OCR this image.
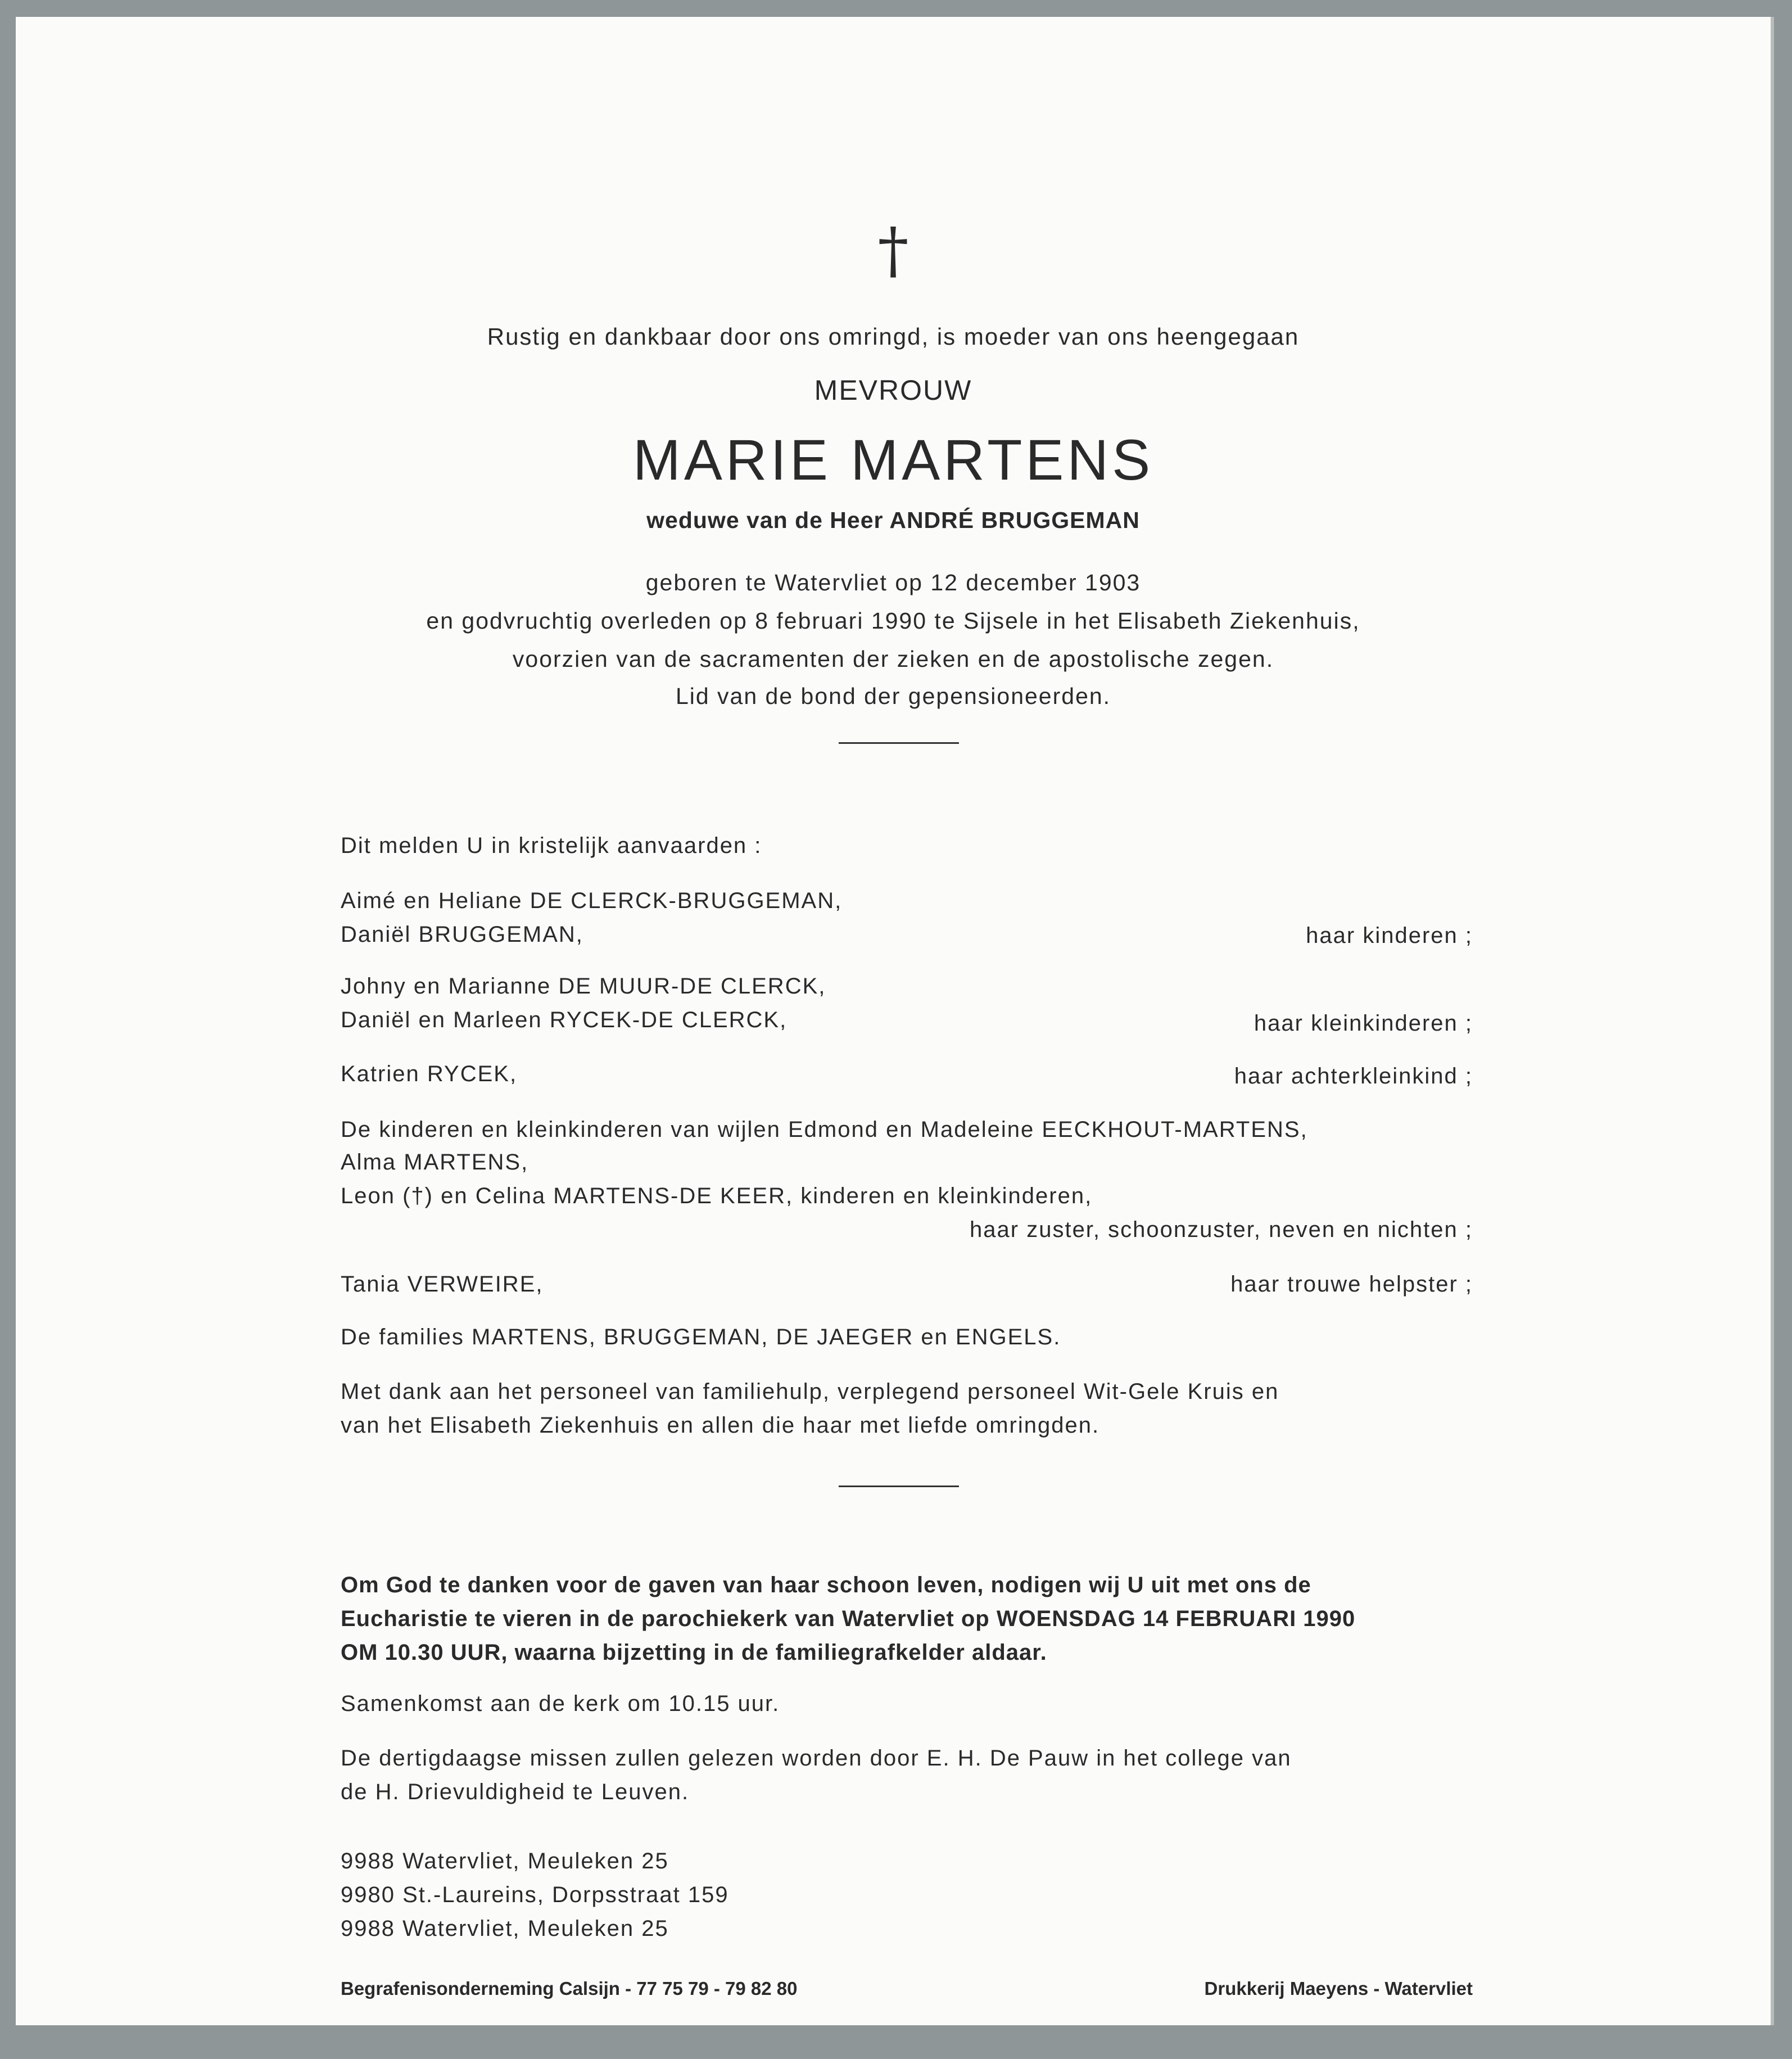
†
Rustig en dankbaar door ons omringd, is moeder van ons heengegaan
MEVROUW
MARIE MARTENS
weduwe van de Heer ANDRÉ BRUGGEMAN
geboren te Watervliet op 12 december 1903
en godvruchtig overleden op 8 februari 1990 te Sijsele in het Elisabeth Ziekenhuis,
voorzien van de sacramenten der zieken en de apostolische zegen.
Lid van de bond der gepensioneerden.
Dit melden U in kristelijk aanvaarden :
Aimé en Heliane DE CLERCK-BRUGGEMAN,
Daniël BRUGGEMAN,	haar kinderen ;
Johny en Marianne DE MUUR-DE CLERCK,
Daniël en Marleen RYCEK-DE CLERCK,	haar kleinkinderen ;
Katrien RYCEK,	haar achterkleinkind ;
De kinderen en kleinkinderen van wijlen Edmond en Madeleine EECKHOUT-MARTENS,
Alma MARTENS,
Leon (†) en Celina MARTENS-DE KEER, kinderen en kleinkinderen,
haar zuster, schoonzuster, neven en nichten ;
Tania VERWEIRE,	haar trouwe helpster ;
De families MARTENS, BRUGGEMAN, DE JAEGER en ENGELS.
Met dank aan het personeel van familiehulp, verplegend personeel Wit-Gele Kruis en
van het Elisabeth Ziekenhuis en allen die haar met liefde omringden.
Om God te danken voor de gaven van haar schoon leven, nodigen wij U uit met ons de
Eucharistie te vieren in de parochiekerk van Watervliet op WOENSDAG 14 FEBRUARI 1990
OM 10.30 UUR, waarna bijzetting in de familiegrafkelder aldaar.
Samenkomst aan de kerk om 10.15 uur.
De dertigdaagse missen zullen gelezen worden door E. H. De Pauw in het college van
de H. Drievuldigheid te Leuven.
9988 Watervliet, Meuleken 25
9980 St.-Laureins, Dorpsstraat 159
9988 Watervliet, Meuleken 25
Begrafenisonderneming Calsijn - 77 75 79 - 79 82 80	Drukkerij Maeyens - Watervliet
